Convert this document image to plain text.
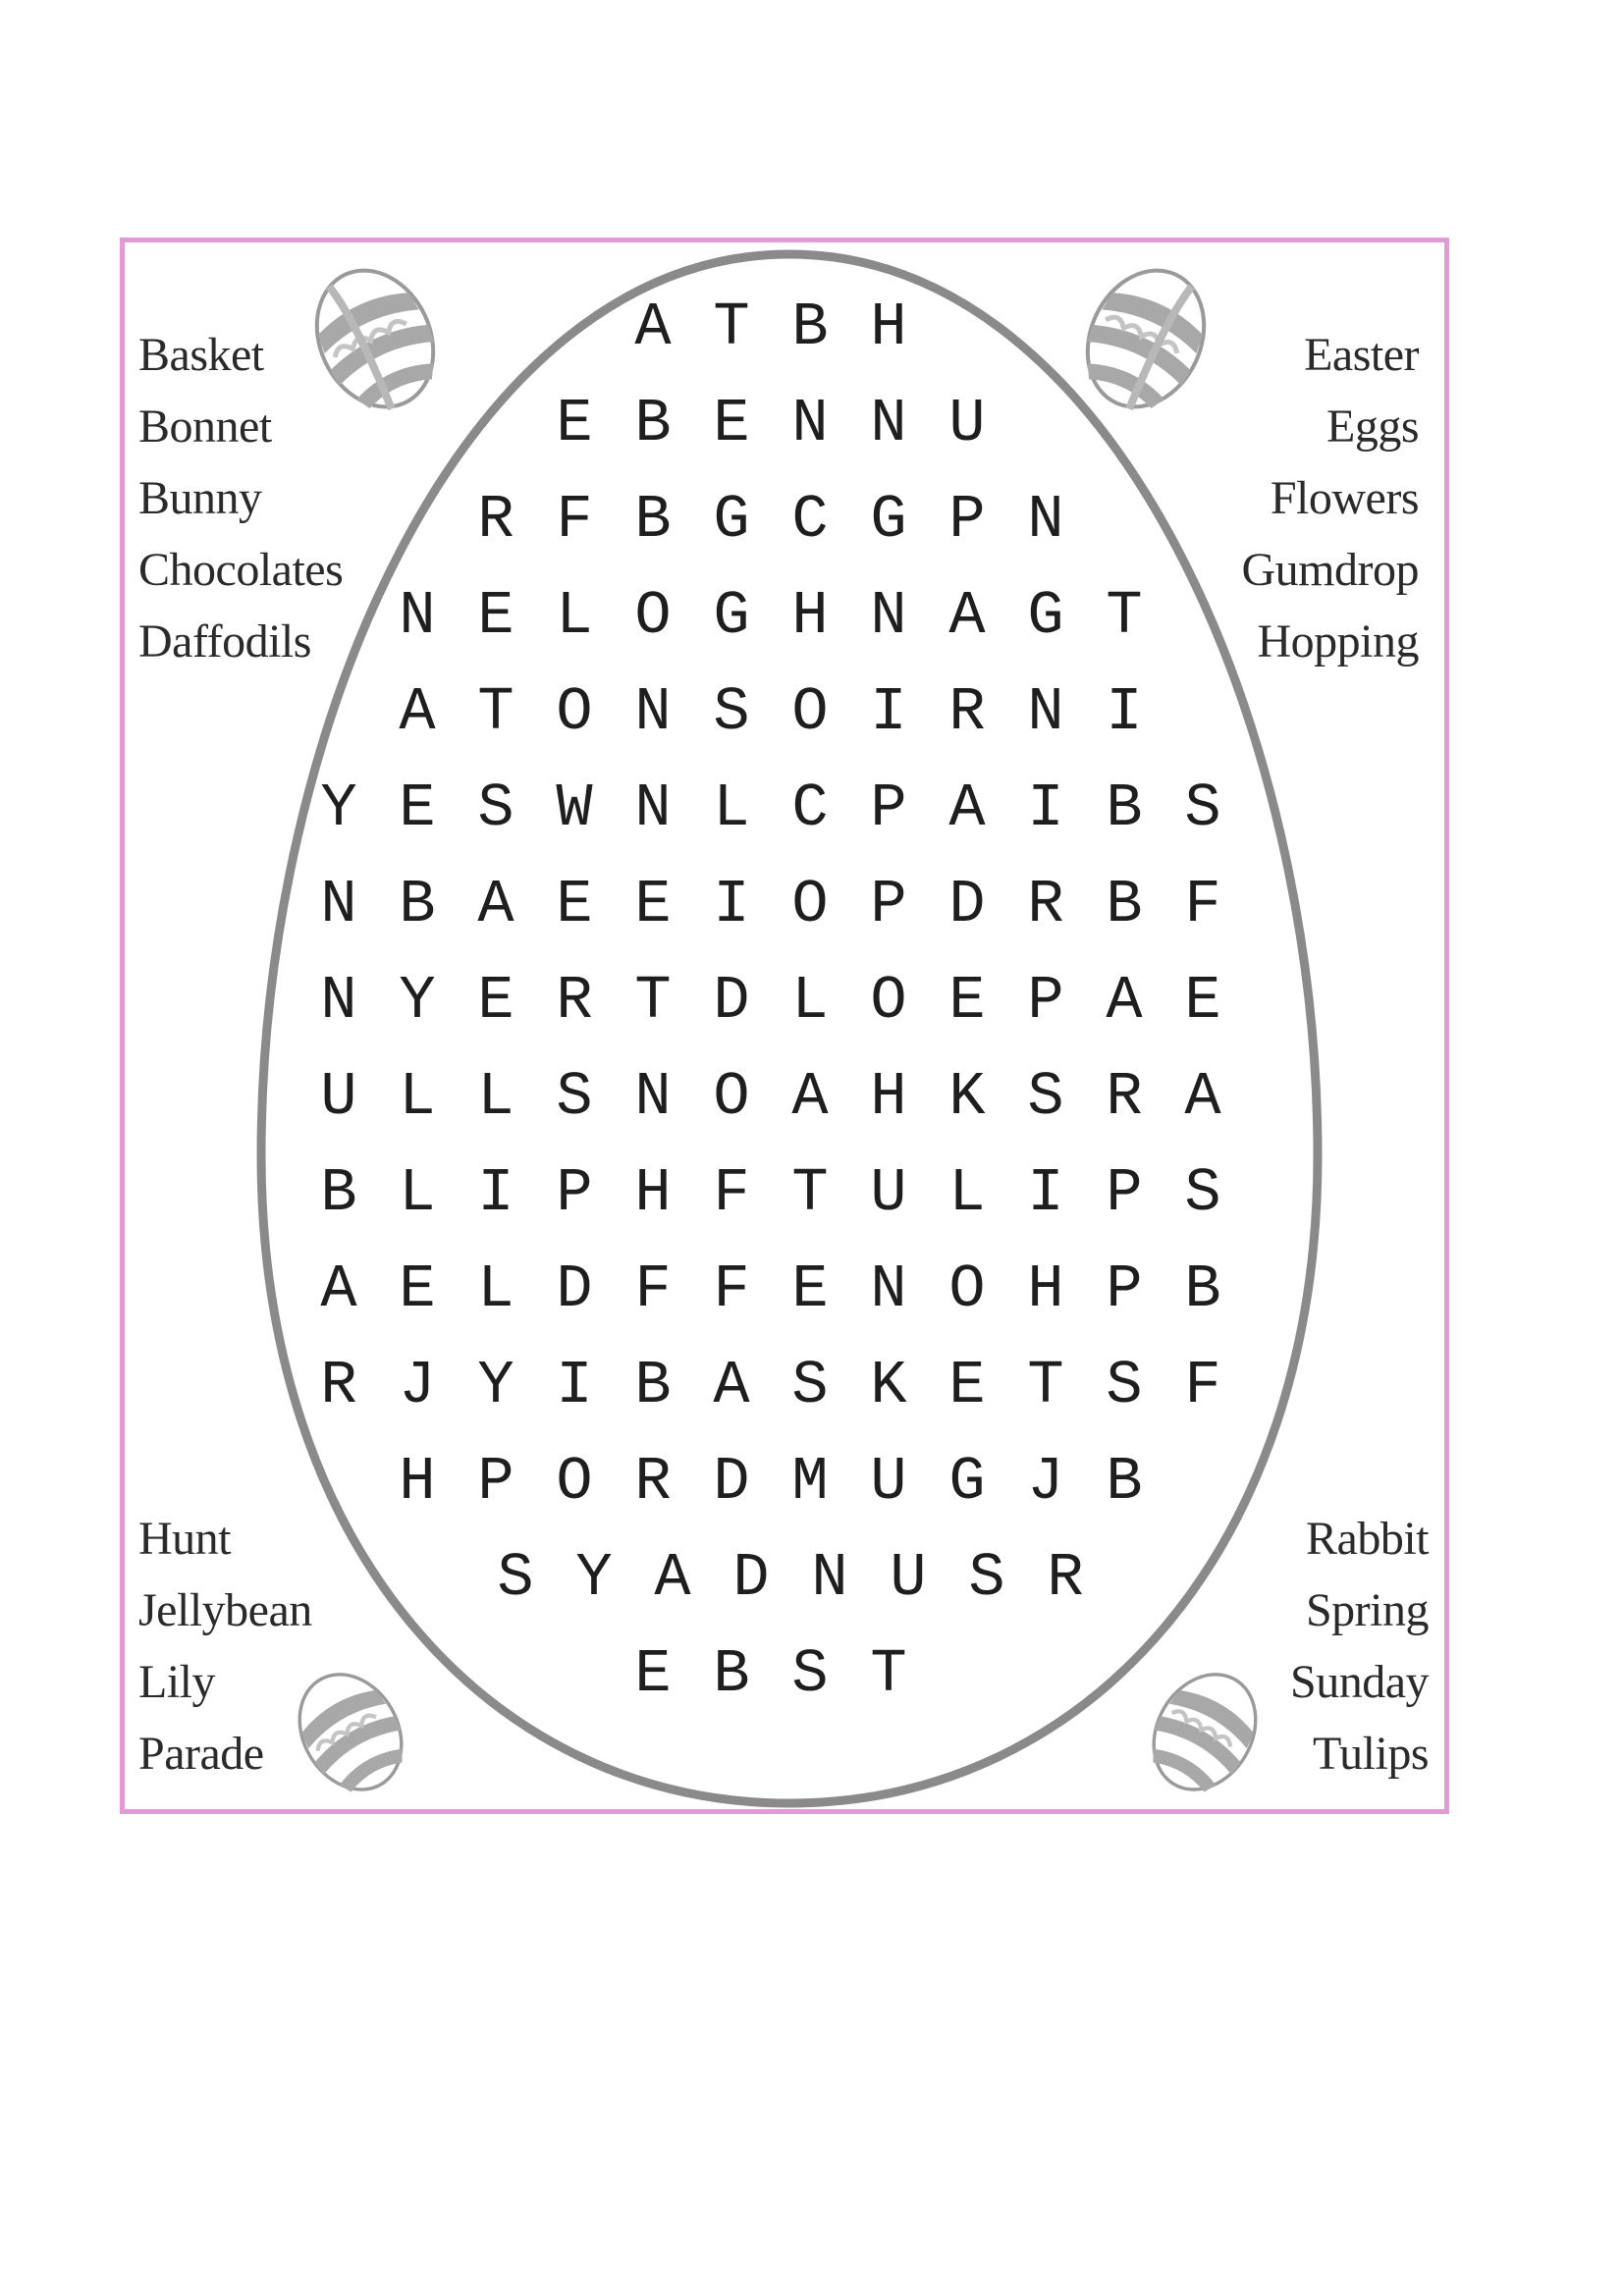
Basket
Bonnet
Bunny
Chocolates
Daffodils
Easter
Eggs
Flowers
Gumdrop
Hopping
Hunt
Jellybean
Lily
Parade
Rabbit
Spring
Sunday
Tulips
A T B H
E B E N N U
R F B G C G P N
N E L O G H N A G T
A T O N S O I R N I
Y E S W N L C P A I B S
N B A E E I O P D R B F
N Y E R T D L O E P A E
U L L S N O A H K S R A
B L I P H F T U L I P S
A E L D F F E N O H P B
R J Y I B A S K E T S F
H P O R D M U G J B
S Y A D N U S R
E B S T
